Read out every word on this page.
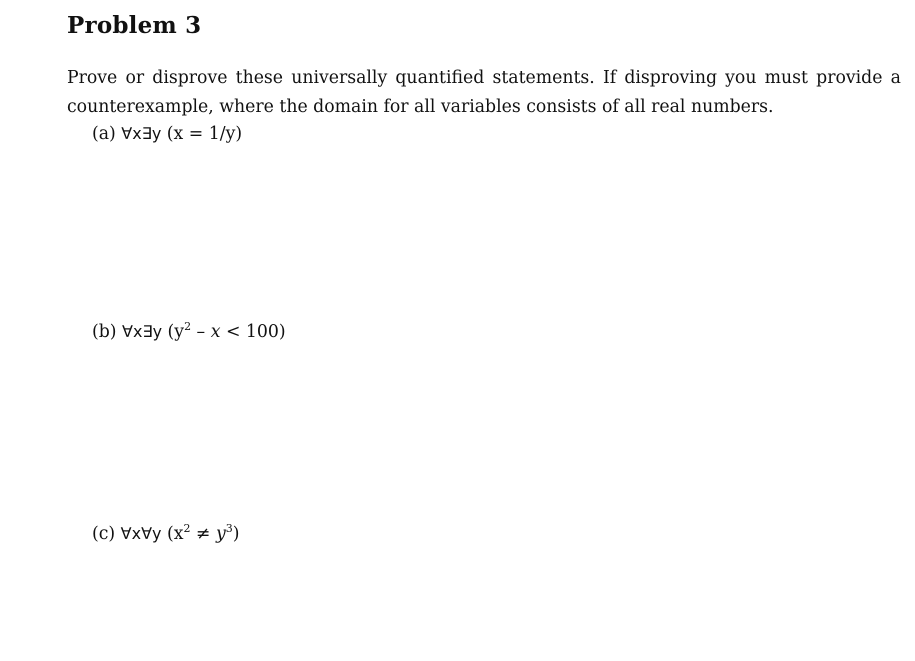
Problem 3
Prove or disprove these universally quantified statements. If disproving you must provide a
counterexample, where the domain for all variables consists of all real numbers.
(a) ∀x∃y (x = 1/y)
(b) ∀x∃y $(y^2 - x < 100)$
(c) ∀x∀y $(x^2 \ne y^3)$
